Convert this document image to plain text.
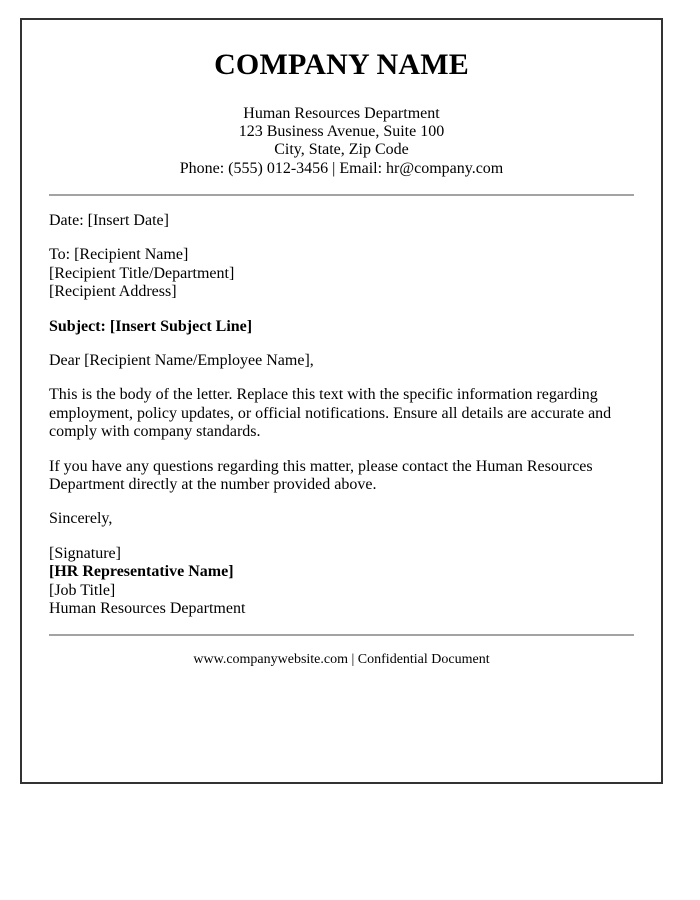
COMPANY NAME
Human Resources Department
123 Business Avenue, Suite 100
City, State, Zip Code
Phone: (555) 012-3456 | Email: hr@company.com

Date: [Insert Date]

To: [Recipient Name]
[Recipient Title/Department]
[Recipient Address]

Subject: [Insert Subject Line]

Dear [Recipient Name/Employee Name],

This is the body of the letter. Replace this text with the specific information regarding employment, policy updates, or official notifications. Ensure all details are accurate and comply with company standards.

If you have any questions regarding this matter, please contact the Human Resources Department directly at the number provided above.

Sincerely,

[Signature]
[HR Representative Name]
[Job Title]
Human Resources Department

www.companywebsite.com | Confidential Document
